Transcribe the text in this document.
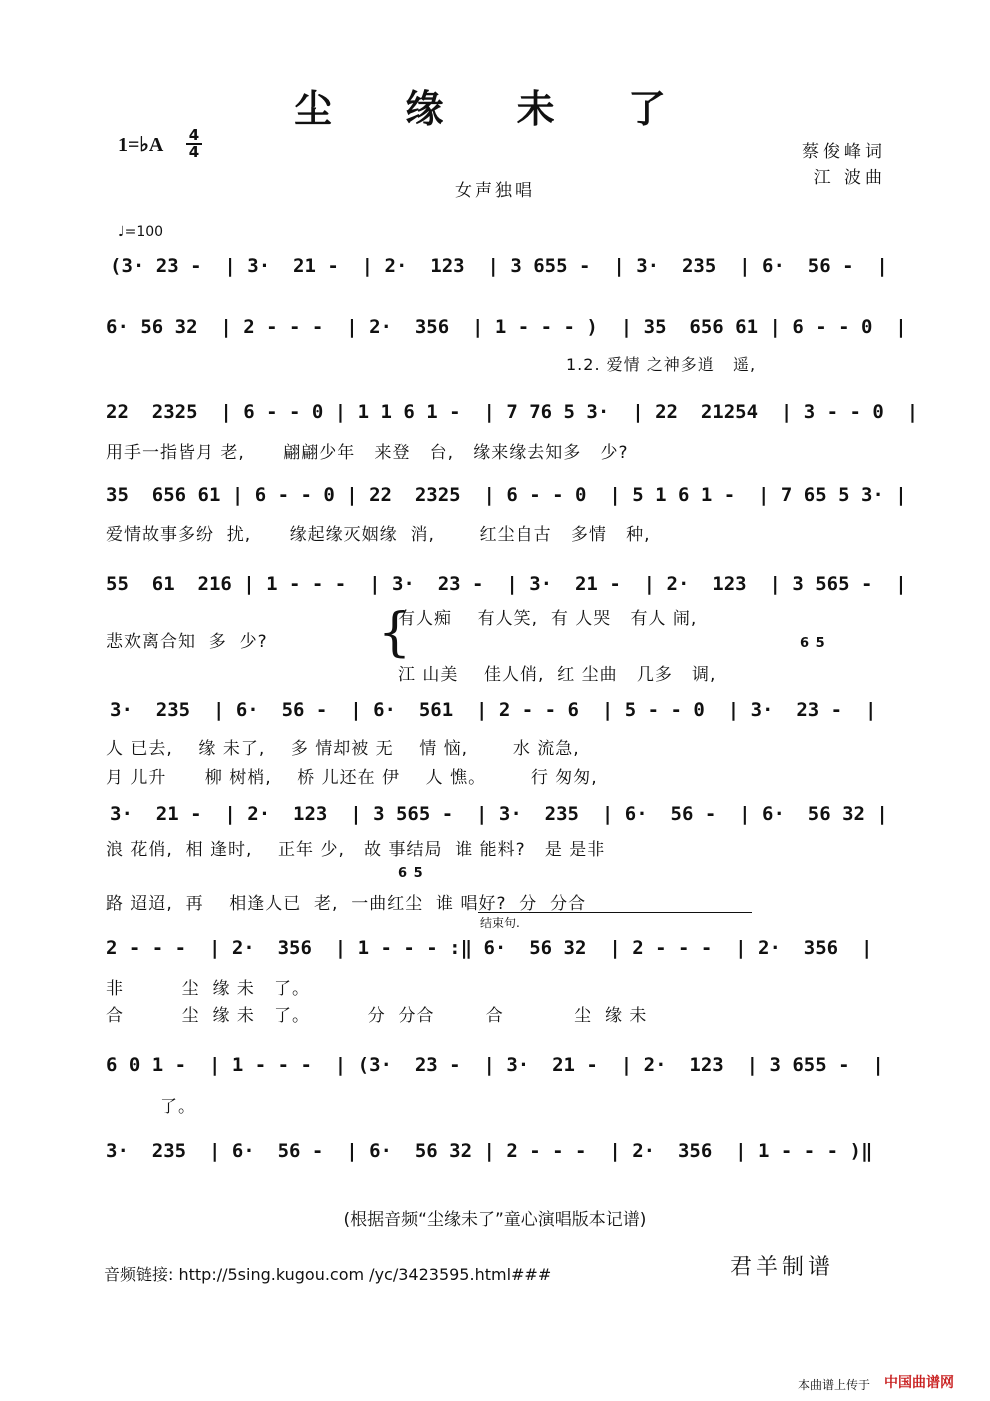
尘 缘 未 了
1=♭A 4
4	蔡俊峰词
江 波曲
女声独唱
♩=100
(3· 23 -  | 3·  21 -  | 2·  123  | 3 655 -  | 3·  235  | 6·  56 -  |
6· 56 32  | 2 - - -  | 2·  356  | 1 - - - )  | 35  656 61 | 6 - - 0  |
1.2. 爱情 之神多逍   遥,
22  2325  | 6 - - 0 | 1 1 6 1 -  | 7 76 5 3·  | 22  21254  | 3 - - 0  |
用手一指皆月 老,      翩翩少年   来登   台,   缘来缘去知多   少?
35  656 61 | 6 - - 0 | 22  2325  | 6 - - 0  | 5 1 6 1 -  | 7 65 5 3· |
爱情故事多纷  扰,      缘起缘灭姻缘  消,       红尘自古   多情   种,
55  61  216 | 1 - - -  | 3·  23 -  | 3·  21 -  | 2·  123  | 3 565 -  |
{
有人痴    有人笑,  有 人哭   有人 闹,
悲欢离合知  多  少?	6 5
江 山美    佳人俏,  红 尘曲   几多   调,
3·  235  | 6·  56 -  | 6·  561  | 2 - - 6  | 5 - - 0  | 3·  23 -  |
人 已去,    缘 未了,    多 情却被 无    情 恼,       水 流急,
月 儿升      柳 树梢,    桥 儿还在 伊    人 憔。       行 匆匆,
3·  21 -  | 2·  123  | 3 565 -  | 3·  235  | 6·  56 -  | 6·  56 32 |
浪 花俏,  相 逢时,    正年 少,   故 事结局  谁 能料?   是 是非
6 5
路 迢迢,  再    相逢人已  老,  一曲红尘  谁 唱好?  分  分合
结束句.
2 - - -  | 2·  356  | 1 - - - :‖ 6·  56 32  | 2 - - -  | 2·  356  |
非         尘  缘 未   了。
合         尘  缘 未   了。         分  分合        合           尘  缘 未
6 0 1 -  | 1 - - -  | (3·  23 -  | 3·  21 -  | 2·  123  | 3 655 -  |
了。
3·  235  | 6·  56 -  | 6·  56 32 | 2 - - -  | 2·  356  | 1 - - - )‖
(根据音频“尘缘未了”童心演唱版本记谱)
音频链接: http://5sing.kugou.com /yc/3423595.html###	君羊制谱
本曲谱上传于 中国曲谱网
